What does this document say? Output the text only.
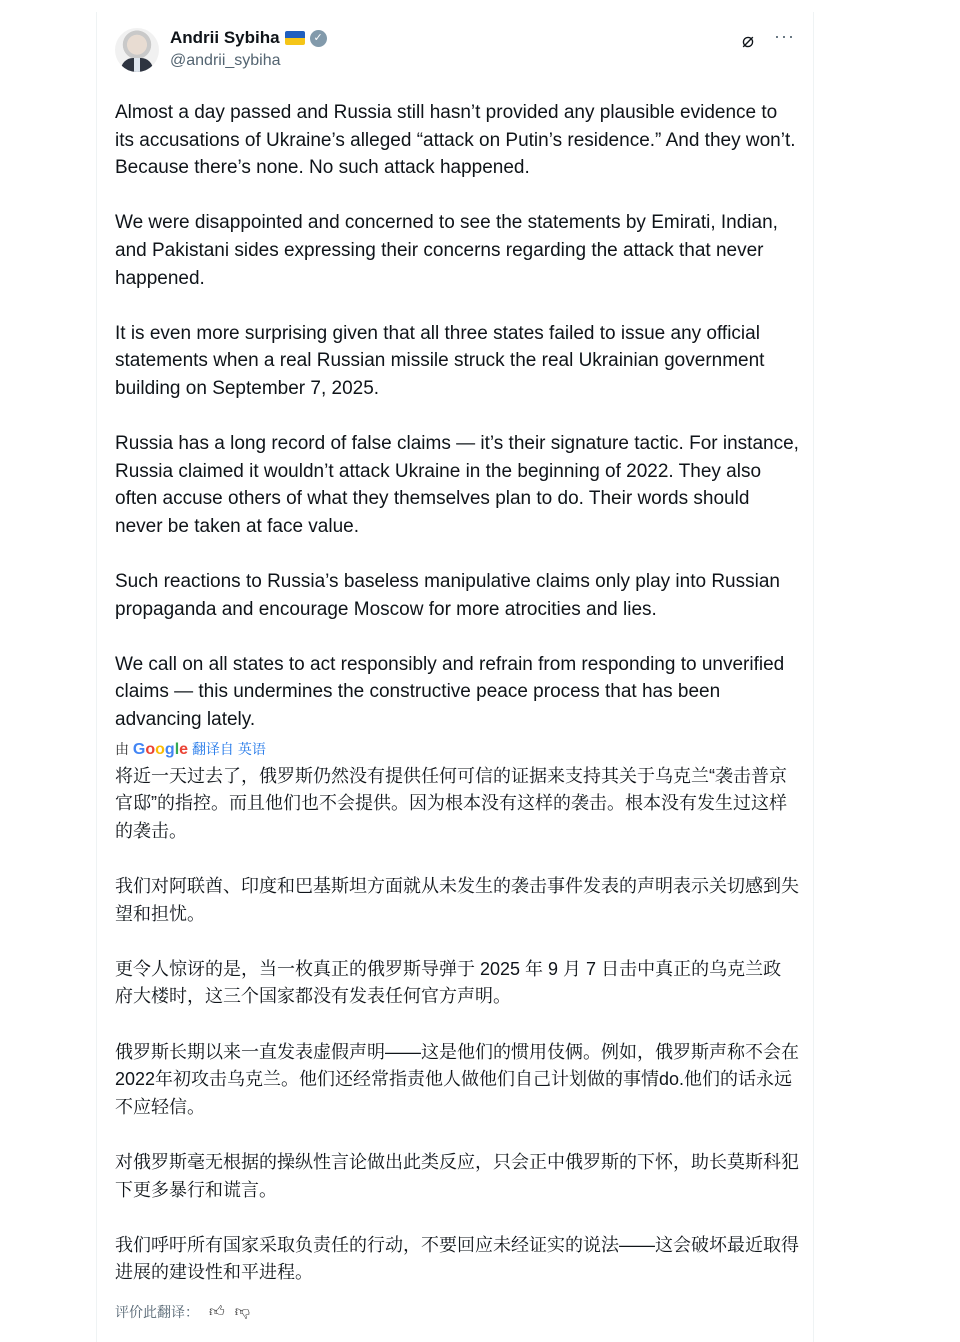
Andrii Sybiha	✓
@andrii_sybiha
⌀ ···

Almost a day passed and Russia still hasn’t provided any plausible evidence to its accusations of Ukraine’s alleged “attack on Putin’s residence.” And they won’t. Because there’s none. No such attack happened.

We were disappointed and concerned to see the statements by Emirati, Indian, and Pakistani sides expressing their concerns regarding the attack that never happened.

It is even more surprising given that all three states failed to issue any official statements when a real Russian missile struck the real Ukrainian government building on September 7, 2025.

Russia has a long record of false claims — it’s their signature tactic. For instance, Russia claimed it wouldn’t attack Ukraine in the beginning of 2022. They also often accuse others of what they themselves plan to do. Their words should never be taken at face value.

Such reactions to Russia’s baseless manipulative claims only play into Russian propaganda and encourage Moscow for more atrocities and lies.

We call on all states to act responsibly and refrain from responding to unverified claims — this undermines the constructive peace process that has been advancing lately.

由 Google 翻译自 英语

将近一天过去了，俄罗斯仍然没有提供任何可信的证据来支持其关于乌克兰“袭击普京官邸”的指控。而且他们也不会提供。因为根本没有这样的袭击。根本没有发生过这样的袭击。

我们对阿联酋、印度和巴基斯坦方面就从未发生的袭击事件发表的声明表示关切感到失望和担忧。

更令人惊讶的是，当一枚真正的俄罗斯导弹于 2025 年 9 月 7 日击中真正的乌克兰政府大楼时，这三个国家都没有发表任何官方声明。

俄罗斯长期以来一直发表虚假声明——这是他们的惯用伎俩。例如，俄罗斯声称不会在2022年初攻击乌克兰。他们还经常指责他人做他们自己计划做的事情do.他们的话永远不应轻信。

对俄罗斯毫无根据的操纵性言论做出此类反应，只会正中俄罗斯的下怀，助长莫斯科犯下更多暴行和谎言。

我们呼吁所有国家采取负责任的行动，不要回应未经证实的说法——这会破坏最近取得进展的建设性和平进程。

评价此翻译： 👍︎ 👎︎
